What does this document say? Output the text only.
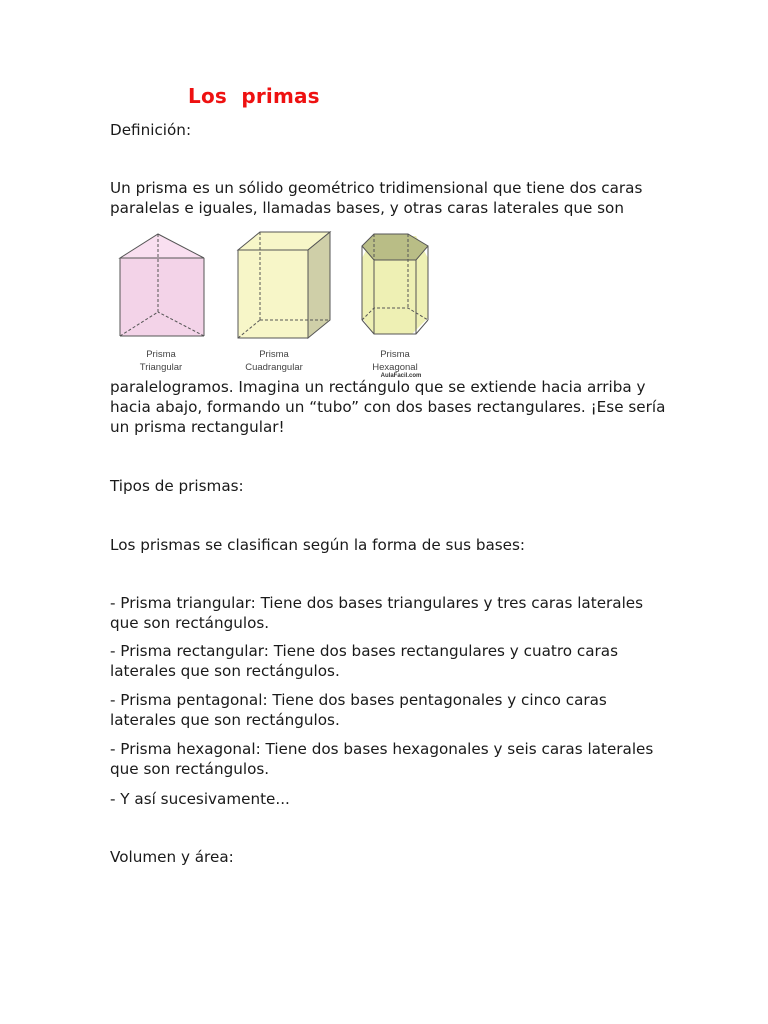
Los  primas

Definición:

Un prisma es un sólido geométrico tridimensional que tiene dos caras

paralelas e iguales, llamadas bases, y otras caras laterales que son

Prisma
Triangular
Prisma
Cuadrangular
Prisma
Hexagonal
AulaFacil.com

paralelogramos. Imagina un rectángulo que se extiende hacia arriba y hacia abajo, formando un “tubo” con dos bases rectangulares. ¡Ese sería un prisma rectangular!

Tipos de prismas:

Los prismas se clasifican según la forma de sus bases:

- Prisma triangular: Tiene dos bases triangulares y tres caras laterales que son rectángulos.

- Prisma rectangular: Tiene dos bases rectangulares y cuatro caras laterales que son rectángulos.

- Prisma pentagonal: Tiene dos bases pentagonales y cinco caras laterales que son rectángulos.

- Prisma hexagonal: Tiene dos bases hexagonales y seis caras laterales que son rectángulos.

- Y así sucesivamente...

Volumen y área:
